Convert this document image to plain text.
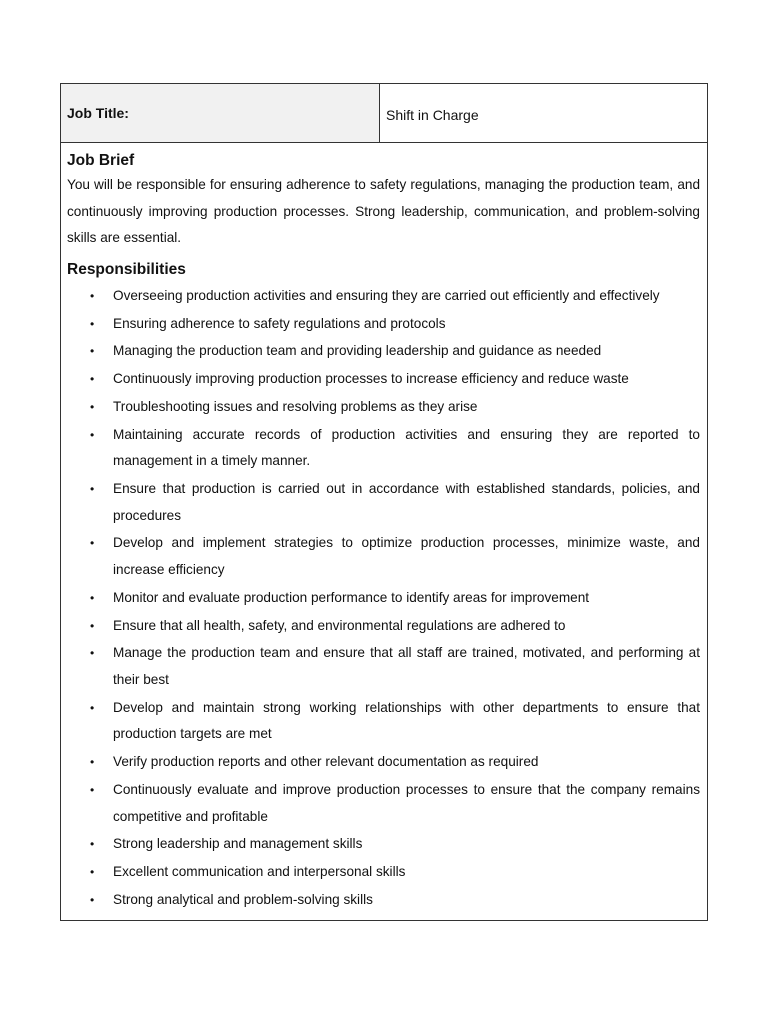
Job Title:	Shift in Charge
Job Brief

You will be responsible for ensuring adherence to safety regulations, managing the production team, and continuously improving production processes. Strong leadership, communication, and problem-solving skills are essential.

Responsibilities
• Overseeing production activities and ensuring they are carried out efficiently and effectively
• Ensuring adherence to safety regulations and protocols
• Managing the production team and providing leadership and guidance as needed
• Continuously improving production processes to increase efficiency and reduce waste
• Troubleshooting issues and resolving problems as they arise
• Maintaining accurate records of production activities and ensuring they are reported to management in a timely manner.
• Ensure that production is carried out in accordance with established standards, policies, and procedures
• Develop and implement strategies to optimize production processes, minimize waste, and increase efficiency
• Monitor and evaluate production performance to identify areas for improvement
• Ensure that all health, safety, and environmental regulations are adhered to
• Manage the production team and ensure that all staff are trained, motivated, and performing at their best
• Develop and maintain strong working relationships with other departments to ensure that production targets are met
• Verify production reports and other relevant documentation as required
• Continuously evaluate and improve production processes to ensure that the company remains competitive and profitable
• Strong leadership and management skills
• Excellent communication and interpersonal skills
• Strong analytical and problem-solving skills
